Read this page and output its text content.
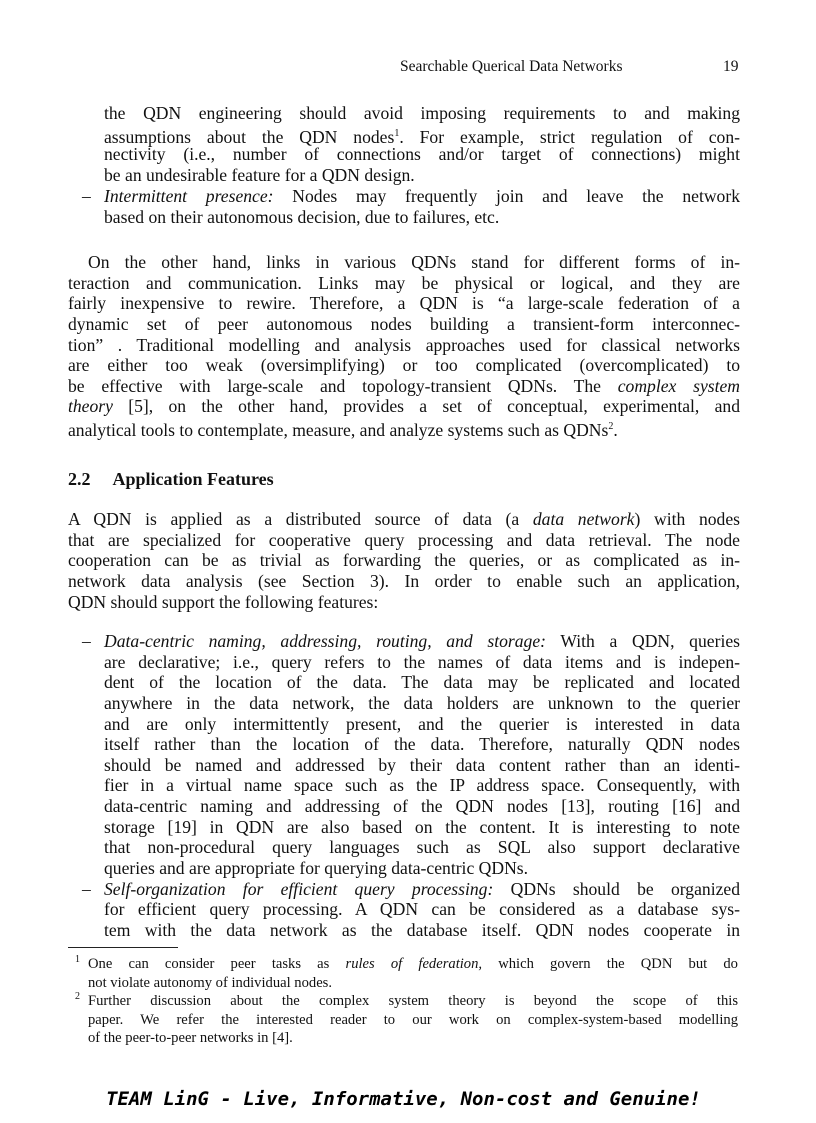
Searchable Querical Data Networks	19
the QDN engineering should avoid imposing requirements to and making
assumptions about the QDN nodes$^1$. For example, strict regulation of con-
nectivity (i.e., number of connections and/or target of connections) might
be an undesirable feature for a QDN design.
– Intermittent presence: Nodes may frequently join and leave the network
based on their autonomous decision, due to failures, etc.
On the other hand, links in various QDNs stand for different forms of in-
teraction and communication. Links may be physical or logical, and they are
fairly inexpensive to rewire. Therefore, a QDN is “a large-scale federation of a
dynamic set of peer autonomous nodes building a transient-form interconnec-
tion” . Traditional modelling and analysis approaches used for classical networks
are either too weak (oversimplifying) or too complicated (overcomplicated) to
be effective with large-scale and topology-transient QDNs. The complex system
theory [5], on the other hand, provides a set of conceptual, experimental, and
analytical tools to contemplate, measure, and analyze systems such as QDNs$^2$.
2.2 Application Features
A QDN is applied as a distributed source of data (a data network) with nodes
that are specialized for cooperative query processing and data retrieval. The node
cooperation can be as trivial as forwarding the queries, or as complicated as in-
network data analysis (see Section 3). In order to enable such an application,
QDN should support the following features:
– Data-centric naming, addressing, routing, and storage: With a QDN, queries
are declarative; i.e., query refers to the names of data items and is indepen-
dent of the location of the data. The data may be replicated and located
anywhere in the data network, the data holders are unknown to the querier
and are only intermittently present, and the querier is interested in data
itself rather than the location of the data. Therefore, naturally QDN nodes
should be named and addressed by their data content rather than an identi-
fier in a virtual name space such as the IP address space. Consequently, with
data-centric naming and addressing of the QDN nodes [13], routing [16] and
storage [19] in QDN are also based on the content. It is interesting to note
that non-procedural query languages such as SQL also support declarative
queries and are appropriate for querying data-centric QDNs.
– Self-organization for efficient query processing: QDNs should be organized
for efficient query processing. A QDN can be considered as a database sys-
tem with the data network as the database itself. QDN nodes cooperate in
1 One can consider peer tasks as rules of federation, which govern the QDN but do
not violate autonomy of individual nodes.
2 Further discussion about the complex system theory is beyond the scope of this
paper. We refer the interested reader to our work on complex-system-based modelling
of the peer-to-peer networks in [4].
TEAM LinG - Live, Informative, Non-cost and Genuine!
